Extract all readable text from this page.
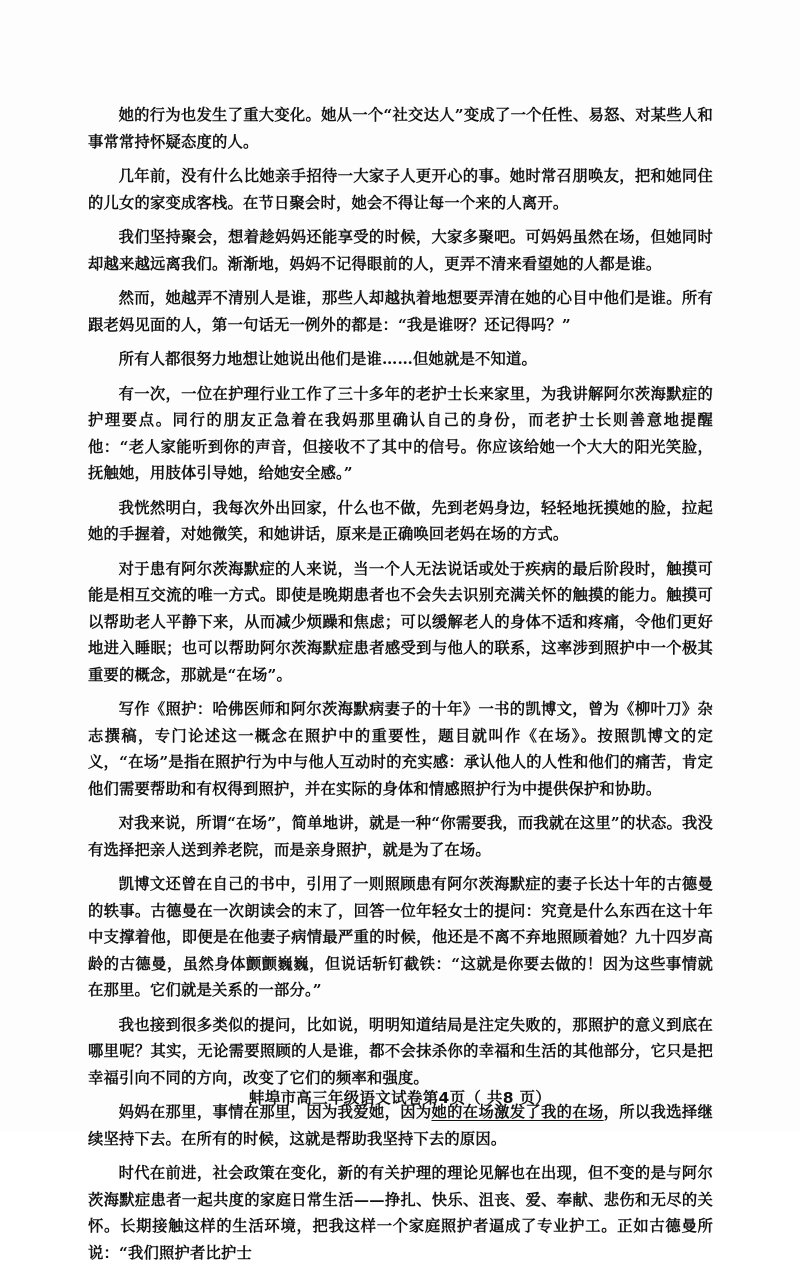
她的行为也发生了重大变化。她从一个“社交达人”变成了一个任性、易怒、对某些人和事常常持怀疑态度的人。

几年前，没有什么比她亲手招待一大家子人更开心的事。她时常召朋唤友，把和她同住的儿女的家变成客栈。在节日聚会时，她会不得让每一个来的人离开。

我们坚持聚会，想着趁妈妈还能享受的时候，大家多聚吧。可妈妈虽然在场，但她同时却越来越远离我们。渐渐地，妈妈不记得眼前的人，更弄不清来看望她的人都是谁。

然而，她越弄不清别人是谁，那些人却越执着地想要弄清在她的心目中他们是谁。所有跟老妈见面的人，第一句话无一例外的都是：“我是谁呀？还记得吗？”

所有人都很努力地想让她说出他们是谁……但她就是不知道。

有一次，一位在护理行业工作了三十多年的老护士长来家里，为我讲解阿尔茨海默症的护理要点。同行的朋友正急着在我妈那里确认自己的身份，而老护士长则善意地提醒他：“老人家能听到你的声音，但接收不了其中的信号。你应该给她一个大大的阳光笑脸，抚触她，用肢体引导她，给她安全感。”

我恍然明白，我每次外出回家，什么也不做，先到老妈身边，轻轻地抚摸她的脸，拉起她的手握着，对她微笑，和她讲话，原来是正确唤回老妈在场的方式。

对于患有阿尔茨海默症的人来说，当一个人无法说话或处于疾病的最后阶段时，触摸可能是相互交流的唯一方式。即使是晚期患者也不会失去识别充满关怀的触摸的能力。触摸可以帮助老人平静下来，从而减少烦躁和焦虑；可以缓解老人的身体不适和疼痛，令他们更好地进入睡眠；也可以帮助阿尔茨海默症患者感受到与他人的联系，这率涉到照护中一个极其重要的概念，那就是“在场”。

写作《照护：哈佛医师和阿尔茨海默病妻子的十年》一书的凯博文，曾为《柳叶刀》杂志撰稿，专门论述这一概念在照护中的重要性，题目就叫作《在场》。按照凯博文的定义，“在场”是指在照护行为中与他人互动时的充实感：承认他人的人性和他们的痛苦，肯定他们需要帮助和有权得到照护，并在实际的身体和情感照护行为中提供保护和协助。

对我来说，所谓“在场”，简单地讲，就是一种“你需要我，而我就在这里”的状态。我没有选择把亲人送到养老院，而是亲身照护，就是为了在场。

凯博文还曾在自己的书中，引用了一则照顾患有阿尔茨海默症的妻子长达十年的古德曼的轶事。古德曼在一次朗读会的末了，回答一位年轻女士的提问：究竟是什么东西在这十年中支撑着他，即便是在他妻子病情最严重的时候，他还是不离不弃地照顾着她？九十四岁高龄的古德曼，虽然身体颤颤巍巍，但说话斩钉截铁：“这就是你要去做的！因为这些事情就在那里。它们就是关系的一部分。”

我也接到很多类似的提问，比如说，明明知道结局是注定失败的，那照护的意义到底在哪里呢？其实，无论需要照顾的人是谁，都不会抹杀你的幸福和生活的其他部分，它只是把幸福引向不同的方向，改变了它们的频率和强度。

妈妈在那里，事情在那里，因为我爱她，因为她的在场激发了我的在场，所以我选择继续坚持下去。在所有的时候，这就是帮助我坚持下去的原因。

时代在前进，社会政策在变化，新的有关护理的理论见解也在出现，但不变的是与阿尔茨海默症患者一起共度的家庭日常生活——挣扎、快乐、沮丧、爱、奉献、悲伤和无尽的关怀。长期接触这样的生活环境，把我这样一个家庭照护者逼成了专业护工。正如古德曼所说：“我们照护者比护士

蚌埠市高三年级语文试卷第4页（ 共8 页）
